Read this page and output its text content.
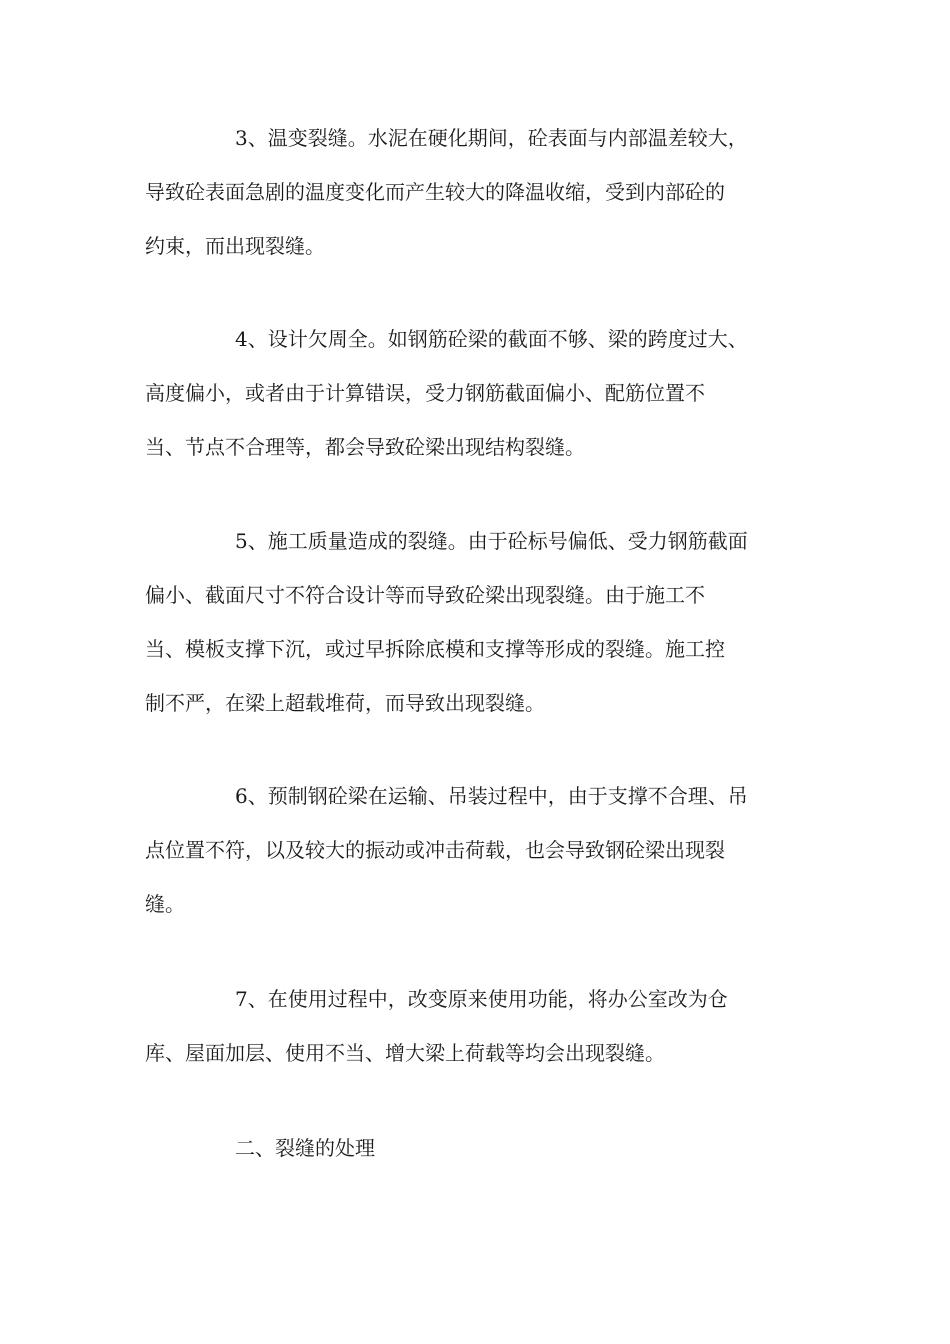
3、温变裂缝。水泥在硬化期间，砼表面与内部温差较大，
导致砼表面急剧的温度变化而产生较大的降温收缩，受到内部砼的
约束，而出现裂缝。

4、设计欠周全。如钢筋砼梁的截面不够、梁的跨度过大、
高度偏小，或者由于计算错误，受力钢筋截面偏小、配筋位置不
当、节点不合理等，都会导致砼梁出现结构裂缝。

5、施工质量造成的裂缝。由于砼标号偏低、受力钢筋截面
偏小、截面尺寸不符合设计等而导致砼梁出现裂缝。由于施工不
当、模板支撑下沉，或过早拆除底模和支撑等形成的裂缝。施工控
制不严，在梁上超载堆荷，而导致出现裂缝。

6、预制钢砼梁在运输、吊装过程中，由于支撑不合理、吊
点位置不符，以及较大的振动或冲击荷载，也会导致钢砼梁出现裂
缝。

7、在使用过程中，改变原来使用功能，将办公室改为仓
库、屋面加层、使用不当、增大梁上荷载等均会出现裂缝。

二、裂缝的处理
